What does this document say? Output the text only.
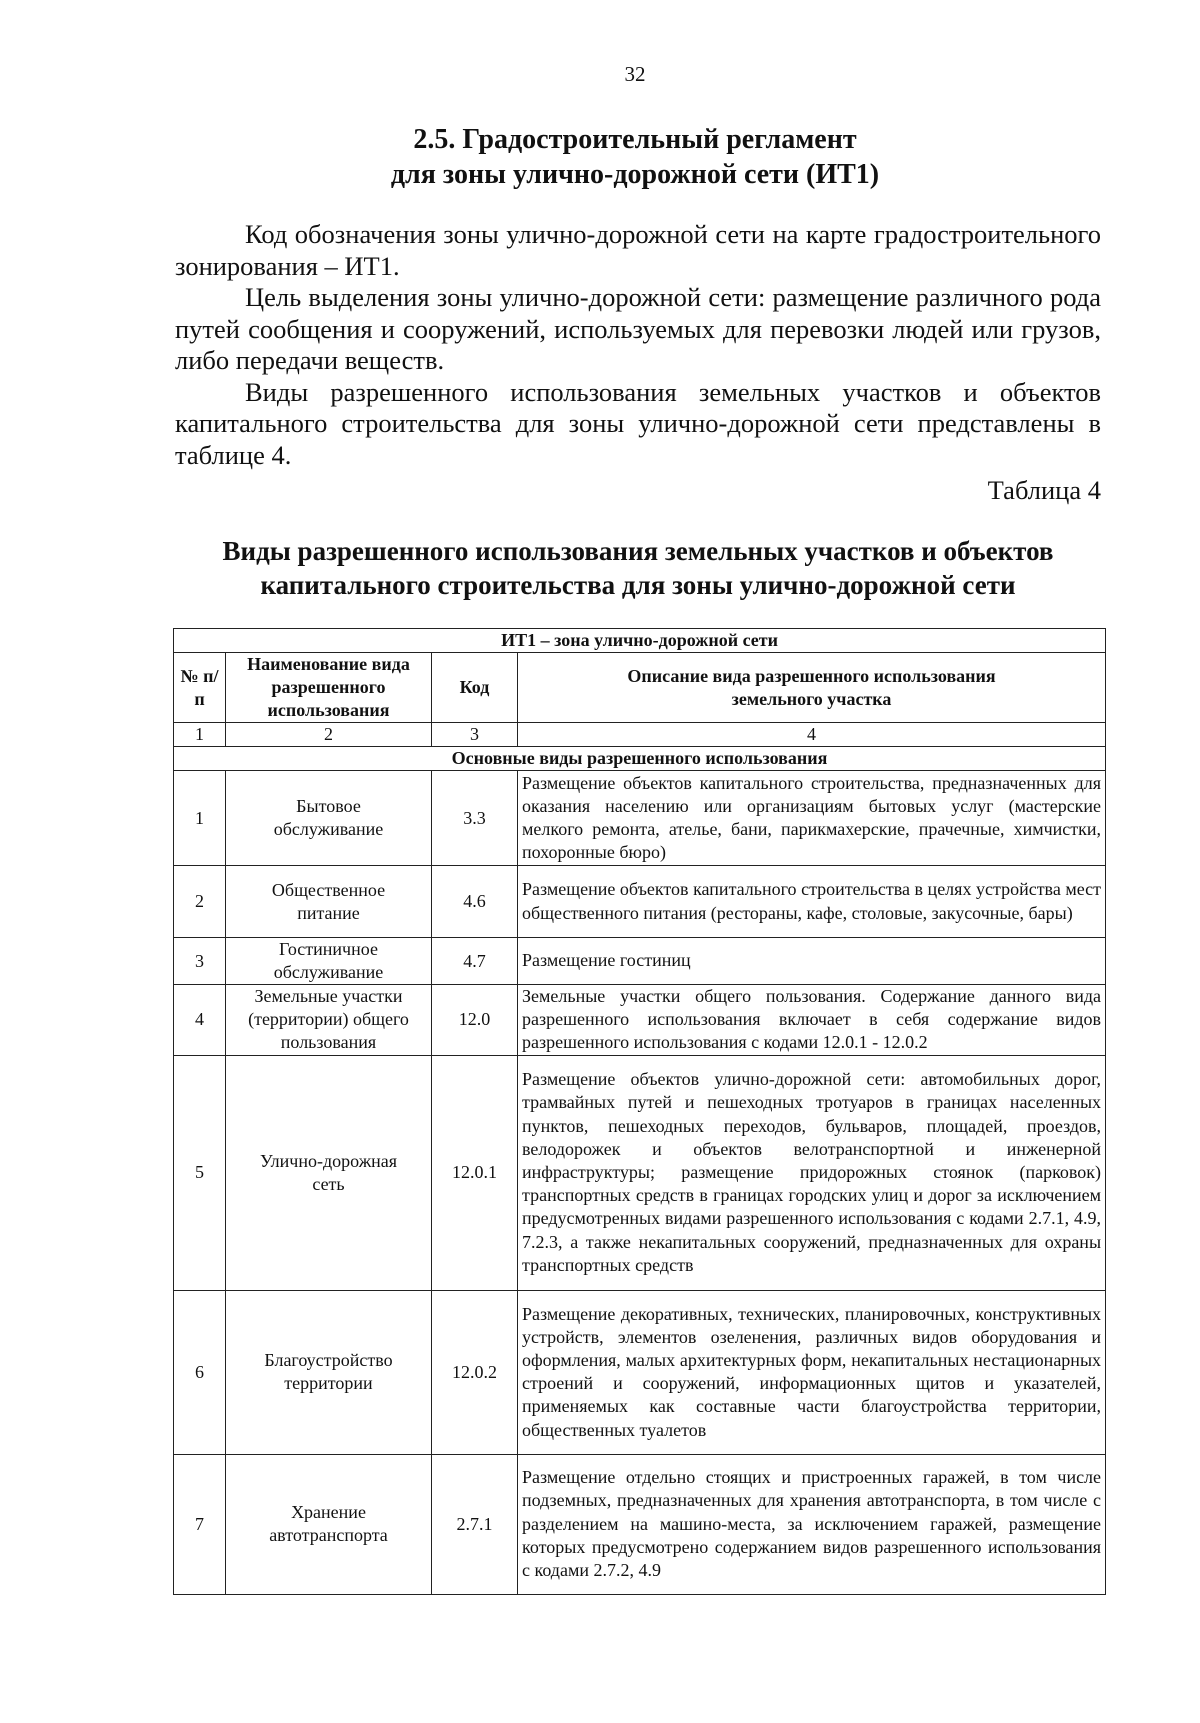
32
2.5. Градостроительный регламент
для зоны улично-дорожной сети (ИТ1)

Код обозначения зоны улично-дорожной сети на карте градостроительного зонирования – ИТ1.

Цель выделения зоны улично-дорожной сети: размещение различного рода путей сообщения и сооружений, используемых для перевозки людей или грузов, либо передачи веществ.

Виды разрешенного использования земельных участков и объектов капитального строительства для зоны улично-дорожной сети представлены в таблице 4.

Таблица 4
Виды разрешенного использования земельных участков и объектов
капитального строительства для зоны улично-дорожной сети
ИТ1 – зона улично-дорожной сети			
№ п/п	Наименование вида разрешенного использования	Код	Описание вида разрешенного использования земельного участка
1	2	3	4
Основные виды разрешенного использования			
1	Бытовое обслуживание	3.3	Размещение объектов капитального строительства, предназначенных для оказания населению или организациям бытовых услуг (мастерские мелкого ремонта, ателье, бани, парикмахерские, прачечные, химчистки, похоронные бюро)
2	Общественное питание	4.6	Размещение объектов капитального строительства в целях устройства мест общественного питания (рестораны, кафе, столовые, закусочные, бары)
3	Гостиничное обслуживание	4.7	Размещение гостиниц
4	Земельные участки (территории) общего пользования	12.0	Земельные участки общего пользования. Содержание данного вида разрешенного использования включает в себя содержание видов разрешенного использования с кодами 12.0.1 - 12.0.2
5	Улично-дорожная сеть	12.0.1	Размещение объектов улично-дорожной сети: автомобильных дорог, трамвайных путей и пешеходных тротуаров в границах населенных пунктов, пешеходных переходов, бульваров, площадей, проездов, велодорожек и объектов велотранспортной и инженерной инфраструктуры; размещение придорожных стоянок (парковок) транспортных средств в границах городских улиц и дорог за исключением предусмотренных видами разрешенного использования с кодами 2.7.1, 4.9, 7.2.3, а также некапитальных сооружений, предназначенных для охраны транспортных средств
6	Благоустройство территории	12.0.2	Размещение декоративных, технических, планировочных, конструктивных устройств, элементов озеленения, различных видов оборудования и оформления, малых архитектурных форм, некапитальных нестационарных строений и сооружений, информационных щитов и указателей, применяемых как составные части благоустройства территории, общественных туалетов
7	Хранение автотранспорта	2.7.1	Размещение отдельно стоящих и пристроенных гаражей, в том числе подземных, предназначенных для хранения автотранспорта, в том числе с разделением на машино-места, за исключением гаражей, размещение которых предусмотрено содержанием видов разрешенного использования с кодами 2.7.2, 4.9
